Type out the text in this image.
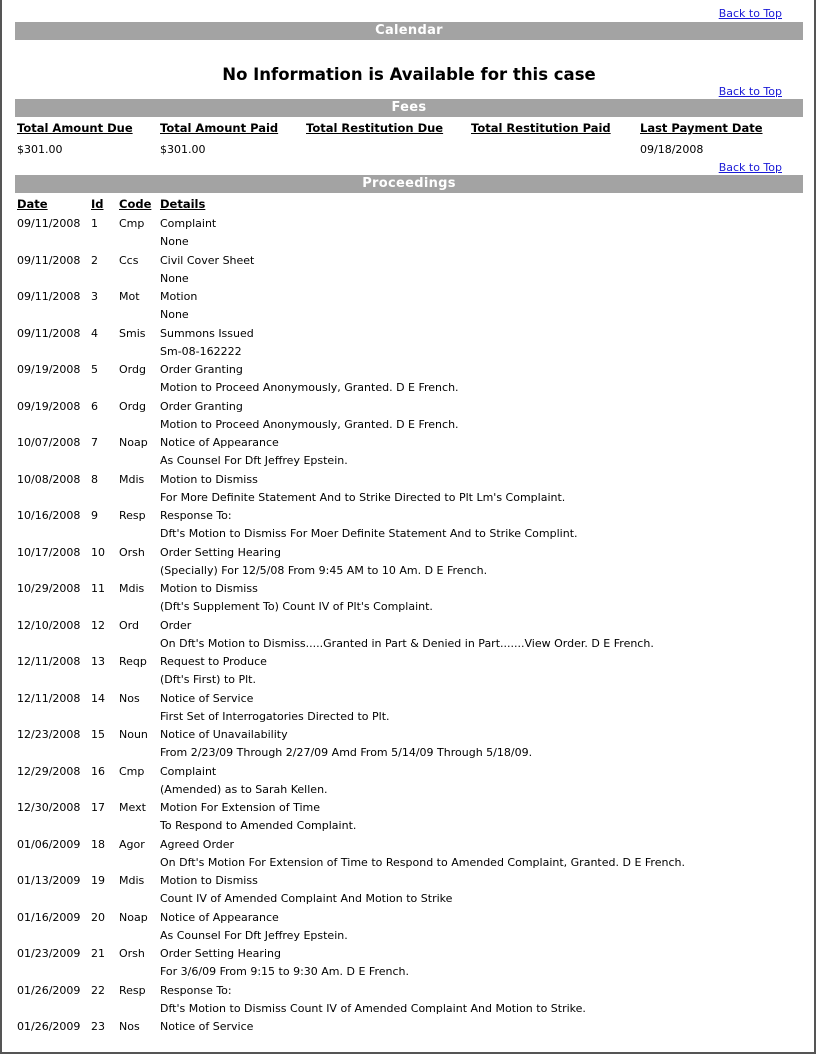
Back to Top
Calendar
No Information is Available for this case
Back to Top
Fees
Total Amount Due	Total Amount Paid	Total Restitution Due	Total Restitution Paid	Last Payment Date
$301.00	$301.00			09/18/2008
Back to Top
Proceedings
Date	Id	Code	Details
09/11/2008	1	Cmp	Complaint
			None
09/11/2008	2	Ccs	Civil Cover Sheet
			None
09/11/2008	3	Mot	Motion
			None
09/11/2008	4	Smis	Summons Issued
			Sm-08-162222
09/19/2008	5	Ordg	Order Granting
			Motion to Proceed Anonymously, Granted. D E French.
09/19/2008	6	Ordg	Order Granting
			Motion to Proceed Anonymously, Granted. D E French.
10/07/2008	7	Noap	Notice of Appearance
			As Counsel For Dft Jeffrey Epstein.
10/08/2008	8	Mdis	Motion to Dismiss
			For More Definite Statement And to Strike Directed to Plt Lm's Complaint.
10/16/2008	9	Resp	Response To:
			Dft's Motion to Dismiss For Moer Definite Statement And to Strike Complint.
10/17/2008	10	Orsh	Order Setting Hearing
			(Specially) For 12/5/08 From 9:45 AM to 10 Am. D E French.
10/29/2008	11	Mdis	Motion to Dismiss
			(Dft's Supplement To) Count IV of Plt's Complaint.
12/10/2008	12	Ord	Order
			On Dft's Motion to Dismiss.....Granted in Part & Denied in Part.......View Order. D E French.
12/11/2008	13	Reqp	Request to Produce
			(Dft's First) to Plt.
12/11/2008	14	Nos	Notice of Service
			First Set of Interrogatories Directed to Plt.
12/23/2008	15	Noun	Notice of Unavailability
			From 2/23/09 Through 2/27/09 Amd From 5/14/09 Through 5/18/09.
12/29/2008	16	Cmp	Complaint
			(Amended) as to Sarah Kellen.
12/30/2008	17	Mext	Motion For Extension of Time
			To Respond to Amended Complaint.
01/06/2009	18	Agor	Agreed Order
			On Dft's Motion For Extension of Time to Respond to Amended Complaint, Granted. D E French.
01/13/2009	19	Mdis	Motion to Dismiss
			Count IV of Amended Complaint And Motion to Strike
01/16/2009	20	Noap	Notice of Appearance
			As Counsel For Dft Jeffrey Epstein.
01/23/2009	21	Orsh	Order Setting Hearing
			For 3/6/09 From 9:15 to 9:30 Am. D E French.
01/26/2009	22	Resp	Response To:
			Dft's Motion to Dismiss Count IV of Amended Complaint And Motion to Strike.
01/26/2009	23	Nos	Notice of Service
